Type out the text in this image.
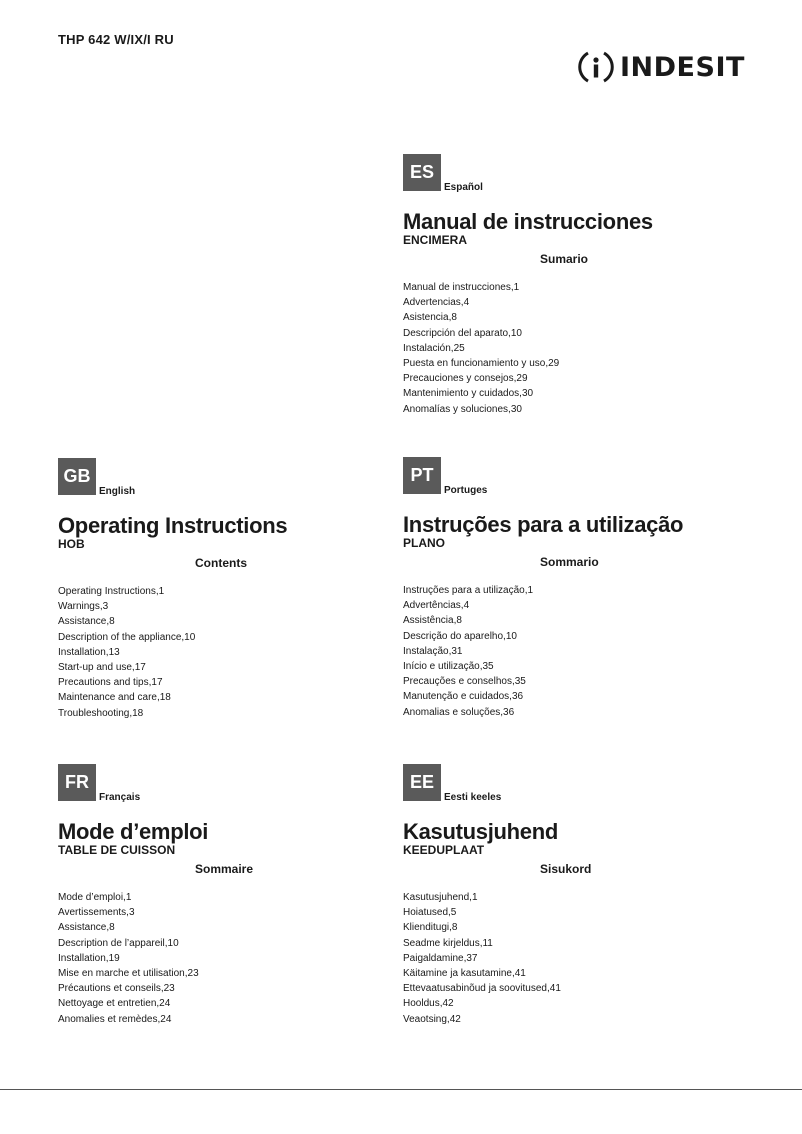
THP 642 W/IX/I RU
INDESIT
ES
Español
Manual de instrucciones
ENCIMERA
Sumario
Manual de instrucciones,1
Advertencias,4
Asistencia,8
Descripción del aparato,10
Instalación,25
Puesta en funcionamiento y uso,29
Precauciones y consejos,29
Mantenimiento y cuidados,30
Anomalías y soluciones,30
GB
English
Operating Instructions
HOB
Contents
Operating Instructions,1
Warnings,3
Assistance,8
Description of the appliance,10
Installation,13
Start-up and use,17
Precautions and tips,17
Maintenance and care,18
Troubleshooting,18
PT
Portuges
Instruções para a utilização
PLANO
Sommario
Instruções para a utilização,1
Advertências,4
Assistência,8
Descrição do aparelho,10
Instalação,31
Início e utilização,35
Precauções e conselhos,35
Manutenção e cuidados,36
Anomalias e soluções,36
FR
Français
Mode d’emploi
TABLE DE CUISSON
Sommaire
Mode d’emploi,1
Avertissements,3
Assistance,8
Description de l’appareil,10
Installation,19
Mise en marche et utilisation,23
Précautions et conseils,23
Nettoyage et entretien,24
Anomalies et remèdes,24
EE
Eesti keeles
Kasutusjuhend
KEEDUPLAAT
Sisukord
Kasutusjuhend,1
Hoiatused,5
Klienditugi,8
Seadme kirjeldus,11
Paigaldamine,37
Käitamine ja kasutamine,41
Ettevaatusabinõud ja soovitused,41
Hooldus,42
Veaotsing,42
